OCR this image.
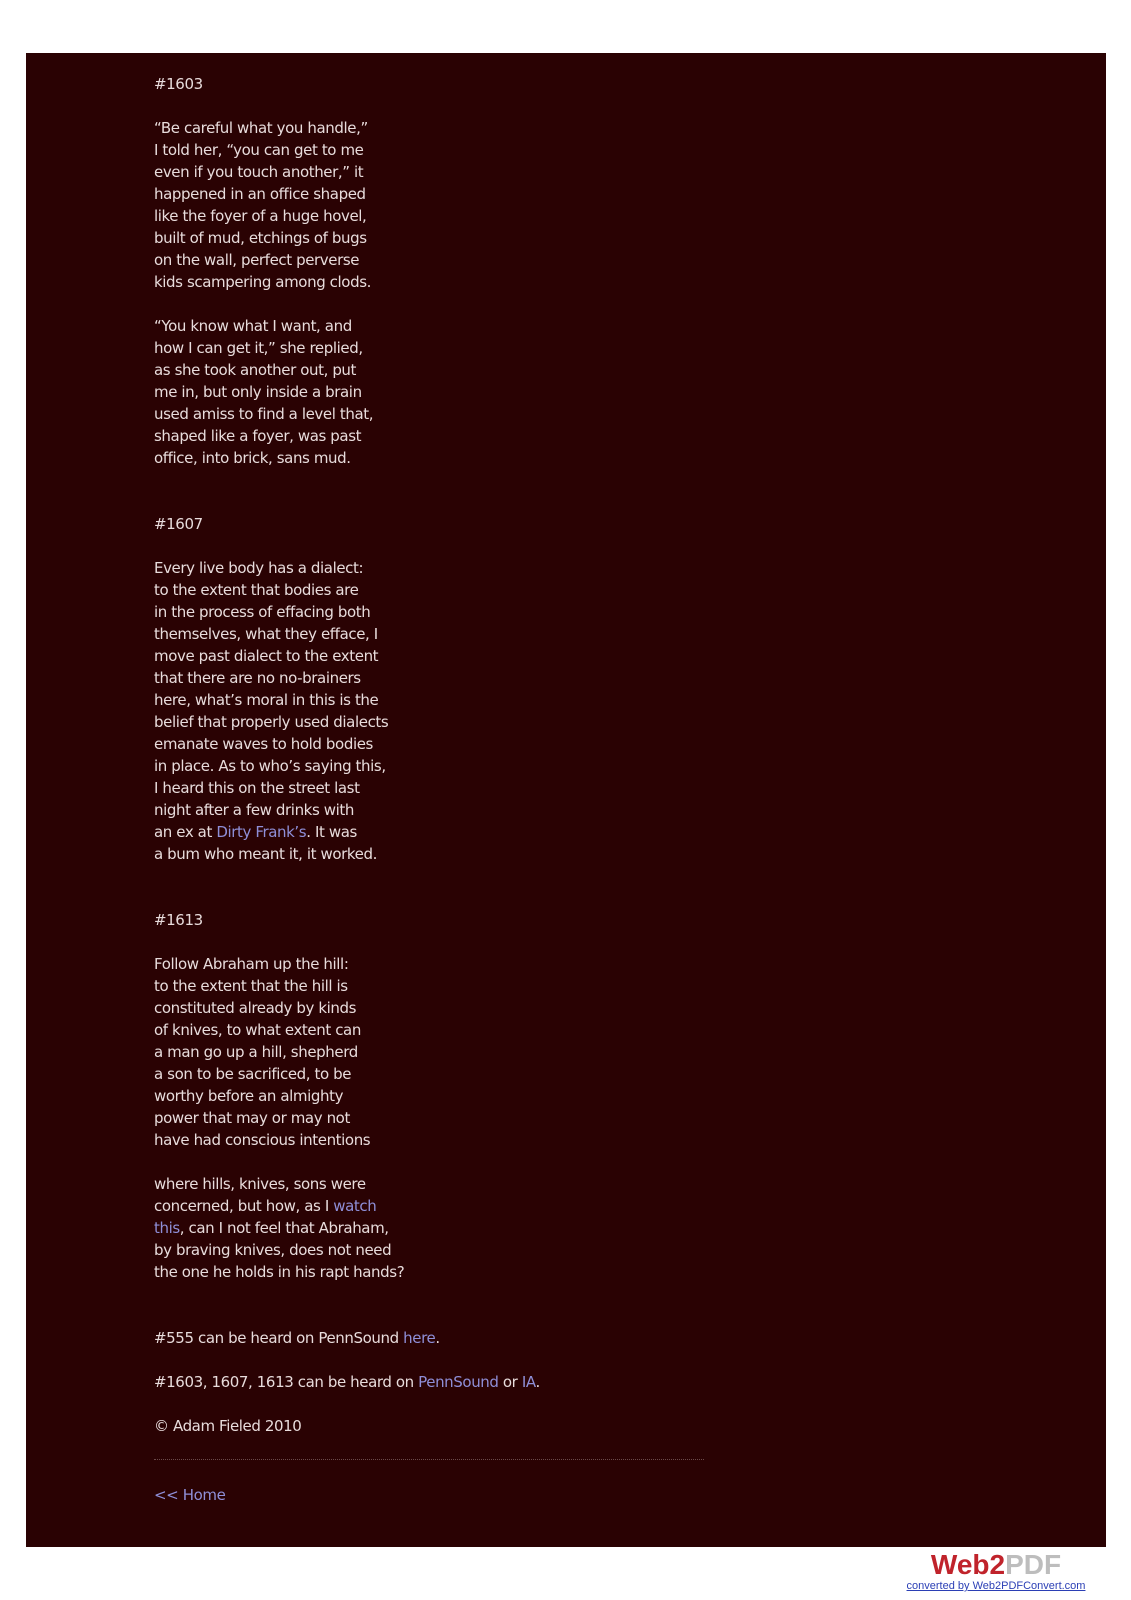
#1603
“Be careful what you handle,”
I told her, “you can get to me
even if you touch another,” it
happened in an office shaped
like the foyer of a huge hovel,
built of mud, etchings of bugs
on the wall, perfect perverse
kids scampering among clods.
“You know what I want, and
how I can get it,” she replied,
as she took another out, put
me in, but only inside a brain
used amiss to find a level that,
shaped like a foyer, was past
office, into brick, sans mud.
#1607
Every live body has a dialect:
to the extent that bodies are
in the process of effacing both
themselves, what they efface, I
move past dialect to the extent
that there are no no-brainers
here, what’s moral in this is the
belief that properly used dialects
emanate waves to hold bodies
in place. As to who’s saying this,
I heard this on the street last
night after a few drinks with
an ex at Dirty Frank’s. It was
a bum who meant it, it worked.
#1613
Follow Abraham up the hill:
to the extent that the hill is
constituted already by kinds
of knives, to what extent can
a man go up a hill, shepherd
a son to be sacrificed, to be
worthy before an almighty
power that may or may not
have had conscious intentions
where hills, knives, sons were
concerned, but how, as I watch
this, can I not feel that Abraham,
by braving knives, does not need
the one he holds in his rapt hands?
#555 can be heard on PennSound here.
#1603, 1607, 1613 can be heard on PennSound or IA.
© Adam Fieled 2010
<< Home
Web2PDF
converted by Web2PDFConvert.com
